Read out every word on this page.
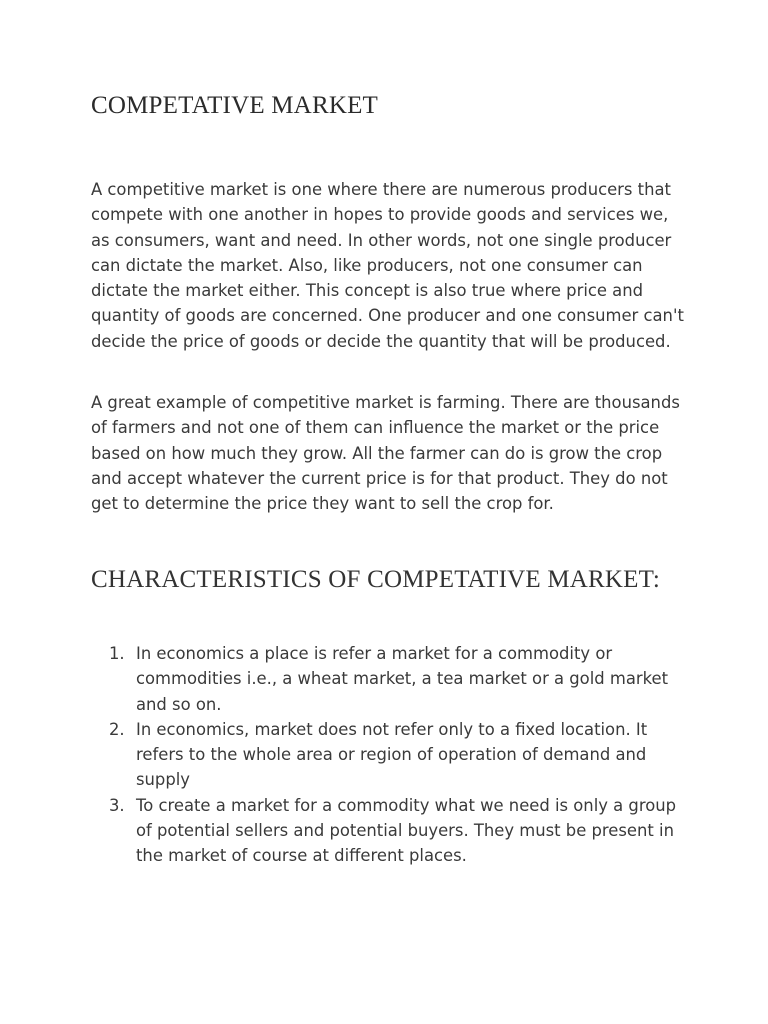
COMPETATIVE MARKET

A competitive market is one where there are numerous producers that compete with one another in hopes to provide goods and services we, as consumers, want and need. In other words, not one single producer can dictate the market. Also, like producers, not one consumer can dictate the market either. This concept is also true where price and quantity of goods are concerned. One producer and one consumer can't decide the price of goods or decide the quantity that will be produced.

A great example of competitive market is farming. There are thousands of farmers and not one of them can influence the market or the price based on how much they grow. All the farmer can do is grow the crop and accept whatever the current price is for that product. They do not get to determine the price they want to sell the crop for.

CHARACTERISTICS OF COMPETATIVE MARKET:
1. In economics a place is refer a market for a commodity or commodities i.e., a wheat market, a tea market or a gold market and so on.
2. In economics, market does not refer only to a fixed location. It refers to the whole area or region of operation of demand and supply
3. To create a market for a commodity what we need is only a group of potential sellers and potential buyers. They must be present in the market of course at different places.
